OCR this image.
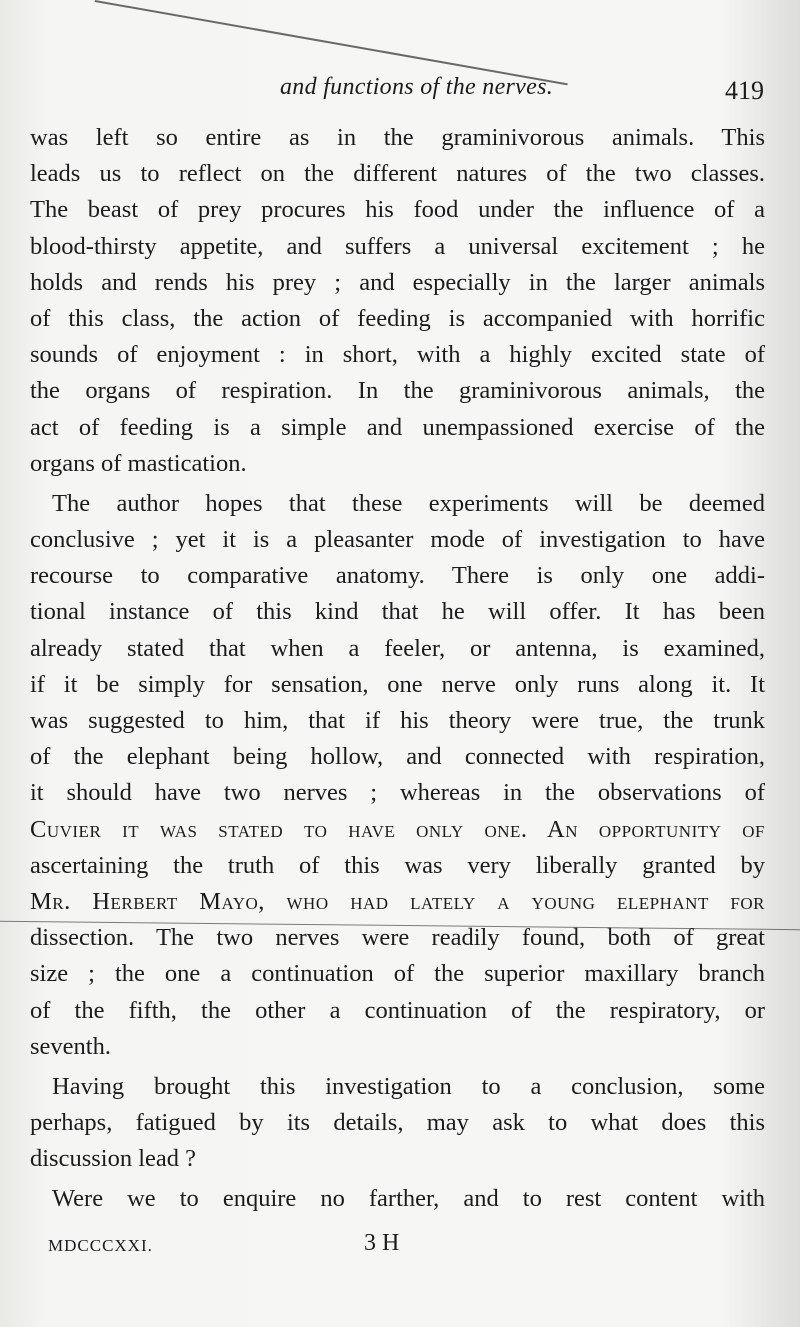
and functions of the nerves.	419
was left so entire as in the graminivorous animals. This
leads us to reflect on the different natures of the two classes.
The beast of prey procures his food under the influence of a
blood-thirsty appetite, and suffers a universal excitement ; he
holds and rends his prey ; and especially in the larger animals
of this class, the action of feeding is accompanied with horrific
sounds of enjoyment : in short, with a highly excited state of
the organs of respiration. In the graminivorous animals, the
act of feeding is a simple and unempassioned exercise of the
organs of mastication.
The author hopes that these experiments will be deemed
conclusive ; yet it is a pleasanter mode of investigation to have
recourse to comparative anatomy. There is only one addi-
tional instance of this kind that he will offer. It has been
already stated that when a feeler, or antenna, is examined,
if it be simply for sensation, one nerve only runs along it. It
was suggested to him, that if his theory were true, the trunk
of the elephant being hollow, and connected with respiration,
it should have two nerves ; whereas in the observations of
Cuvier it was stated to have only one. An opportunity of
ascertaining the truth of this was very liberally granted by
Mr. Herbert Mayo, who had lately a young elephant for
dissection. The two nerves were readily found, both of great
size ; the one a continuation of the superior maxillary branch
of the fifth, the other a continuation of the respiratory, or
seventh.
Having brought this investigation to a conclusion, some
perhaps, fatigued by its details, may ask to what does this
discussion lead ?
Were we to enquire no farther, and to rest content with
MDCCCXXI.	3 H
